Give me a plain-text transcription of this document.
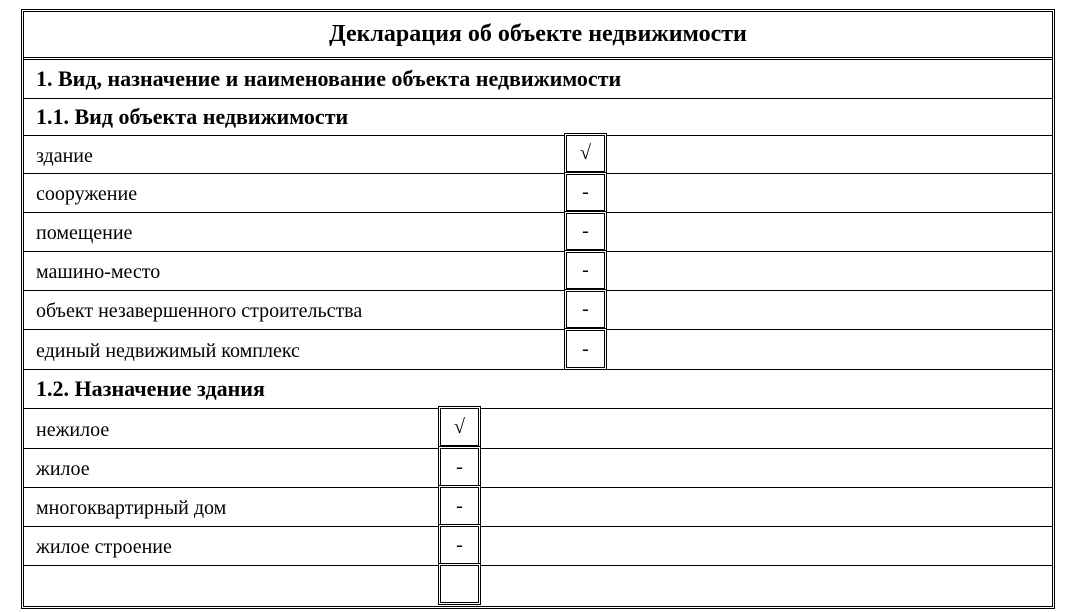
Декларация об объекте недвижимости
1. Вид, назначение и наименование объекта недвижимости
1.1. Вид объекта недвижимости
здание
сооружение
помещение
машино-место
объект незавершенного строительства
единый недвижимый комплекс
1.2. Назначение здания
нежилое
жилое
многоквартирный дом
жилое строение
√
-
-
-
-
-
√
-
-
-
